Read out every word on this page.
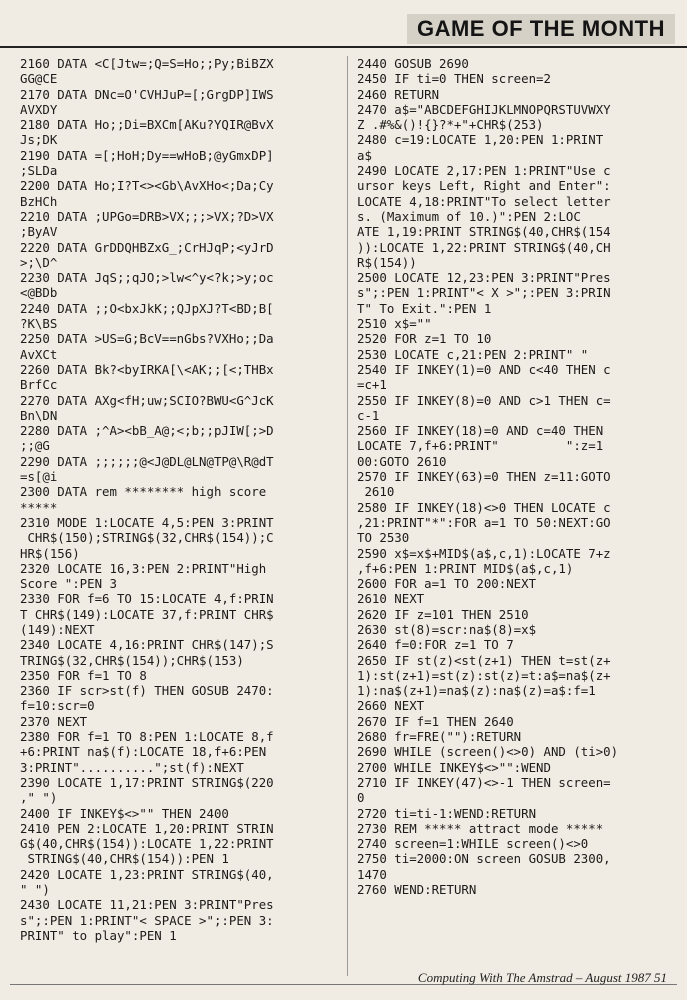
GAME OF THE MONTH
2160 DATA <C[Jtw=;Q=S=Ho;;Py;BiBZX
GG@CE
2170 DATA DNc=O'CVHJuP=[;GrgDP]IWS
AVXDY
2180 DATA Ho;;Di=BXCm[AKu?YQIR@BvX
Js;DK
2190 DATA =[;HoH;Dy==wHoB;@yGmxDP]
;SLDa
2200 DATA Ho;I?T<><Gb\AvXHo<;Da;Cy
BzHCh
2210 DATA ;UPGo=DRB>VX;;;>VX;?D>VX
;ByAV
2220 DATA GrDDQHBZxG_;CrHJqP;<yJrD
>;\D^
2230 DATA JqS;;qJO;>lw<^y<?k;>y;oc
<@BDb
2240 DATA ;;O<bxJkK;;QJpXJ?T<BD;B[
?K\BS
2250 DATA >US=G;BcV==nGbs?VXHo;;Da
AvXCt
2260 DATA Bk?<byIRKA[\<AK;;[<;THBx
BrfCc
2270 DATA AXg<fH;uw;SCIO?BWU<G^JcK
Bn\DN
2280 DATA ;^A><bB_A@;<;b;;pJIW[;>D
;;@G
2290 DATA ;;;;;;@<J@DL@LN@TP@\R@dT
=s[@i
2300 DATA rem ******** high score
*****
2310 MODE 1:LOCATE 4,5:PEN 3:PRINT
CHR$(150);STRING$(32,CHR$(154));C
HR$(156)
2320 LOCATE 16,3:PEN 2:PRINT"High
Score ":PEN 3
2330 FOR f=6 TO 15:LOCATE 4,f:PRIN
T CHR$(149):LOCATE 37,f:PRINT CHR$
(149):NEXT
2340 LOCATE 4,16:PRINT CHR$(147);S
TRING$(32,CHR$(154));CHR$(153)
2350 FOR f=1 TO 8
2360 IF scr>st(f) THEN GOSUB 2470:
f=10:scr=0
2370 NEXT
2380 FOR f=1 TO 8:PEN 1:LOCATE 8,f
+6:PRINT na$(f):LOCATE 18,f+6:PEN
3:PRINT"..........";st(f):NEXT
2390 LOCATE 1,17:PRINT STRING$(220
," ")
2400 IF INKEY$<>"" THEN 2400
2410 PEN 2:LOCATE 1,20:PRINT STRIN
G$(40,CHR$(154)):LOCATE 1,22:PRINT
STRING$(40,CHR$(154)):PEN 1
2420 LOCATE 1,23:PRINT STRING$(40,
" ")
2430 LOCATE 11,21:PEN 3:PRINT"Pres
s";:PEN 1:PRINT"< SPACE >";:PEN 3:
PRINT" to play":PEN 1
2440 GOSUB 2690
2450 IF ti=0 THEN screen=2
2460 RETURN
2470 a$="ABCDEFGHIJKLMNOPQRSTUVWXY
Z .#%&()!{}?*+"+CHR$(253)
2480 c=19:LOCATE 1,20:PEN 1:PRINT
a$
2490 LOCATE 2,17:PEN 1:PRINT"Use c
ursor keys Left, Right and Enter":
LOCATE 4,18:PRINT"To select letter
s. (Maximum of 10.)":PEN 2:LOC
ATE 1,19:PRINT STRING$(40,CHR$(154
)):LOCATE 1,22:PRINT STRING$(40,CH
R$(154))
2500 LOCATE 12,23:PEN 3:PRINT"Pres
s";:PEN 1:PRINT"< X >";:PEN 3:PRIN
T" To Exit.":PEN 1
2510 x$=""
2520 FOR z=1 TO 10
2530 LOCATE c,21:PEN 2:PRINT" "
2540 IF INKEY(1)=0 AND c<40 THEN c
=c+1
2550 IF INKEY(8)=0 AND c>1 THEN c=
c-1
2560 IF INKEY(18)=0 AND c=40 THEN
LOCATE 7,f+6:PRINT"         ":z=1
00:GOTO 2610
2570 IF INKEY(63)=0 THEN z=11:GOTO
2610
2580 IF INKEY(18)<>0 THEN LOCATE c
,21:PRINT"*":FOR a=1 TO 50:NEXT:GO
TO 2530
2590 x$=x$+MID$(a$,c,1):LOCATE 7+z
,f+6:PEN 1:PRINT MID$(a$,c,1)
2600 FOR a=1 TO 200:NEXT
2610 NEXT
2620 IF z=101 THEN 2510
2630 st(8)=scr:na$(8)=x$
2640 f=0:FOR z=1 TO 7
2650 IF st(z)<st(z+1) THEN t=st(z+
1):st(z+1)=st(z):st(z)=t:a$=na$(z+
1):na$(z+1)=na$(z):na$(z)=a$:f=1
2660 NEXT
2670 IF f=1 THEN 2640
2680 fr=FRE(""):RETURN
2690 WHILE (screen()<>0) AND (ti>0)
2700 WHILE INKEY$<>"":WEND
2710 IF INKEY(47)<>-1 THEN screen=
0
2720 ti=ti-1:WEND:RETURN
2730 REM ***** attract mode *****
2740 screen=1:WHILE screen()<>0
2750 ti=2000:ON screen GOSUB 2300,
1470
2760 WEND:RETURN
Computing With The Amstrad – August 1987 51
